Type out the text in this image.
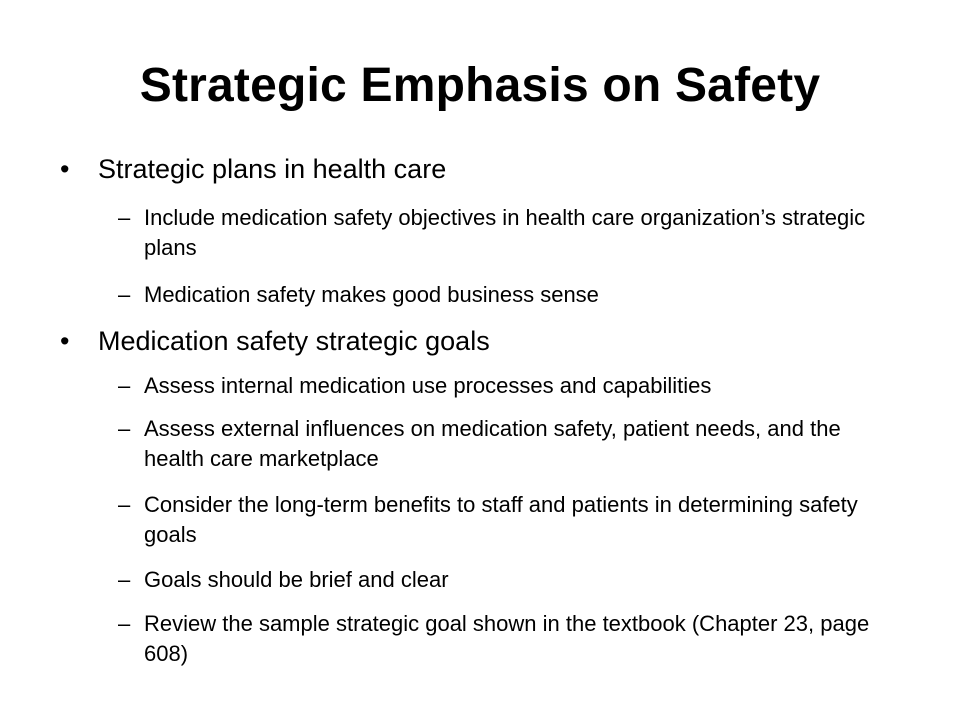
Strategic Emphasis on Safety
• Strategic plans in health care
– Include medication safety objectives in health care organization’s strategic plans
– Medication safety makes good business sense
• Medication safety strategic goals
– Assess internal medication use processes and capabilities
– Assess external influences on medication safety, patient needs, and the health care marketplace
– Consider the long-term benefits to staff and patients in determining safety goals
– Goals should be brief and clear
– Review the sample strategic goal shown in the textbook (Chapter 23, page 608)
